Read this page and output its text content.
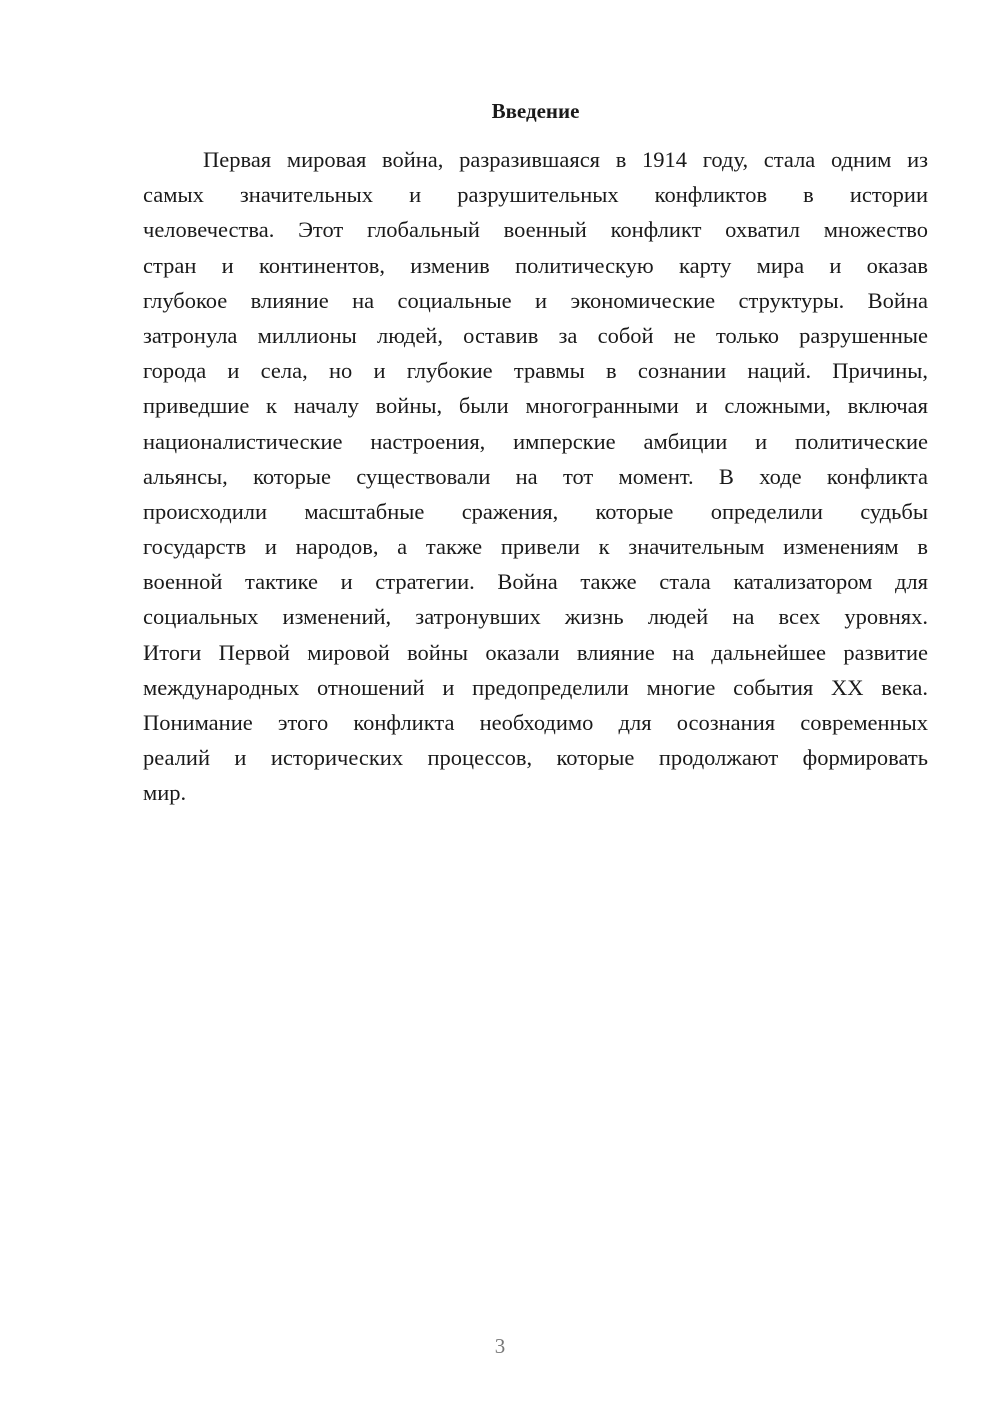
Введение
Первая мировая война, разразившаяся в 1914 году, стала одним из
самых значительных и разрушительных конфликтов в истории
человечества. Этот глобальный военный конфликт охватил множество
стран и континентов, изменив политическую карту мира и оказав
глубокое влияние на социальные и экономические структуры. Война
затронула миллионы людей, оставив за собой не только разрушенные
города и села, но и глубокие травмы в сознании наций. Причины,
приведшие к началу войны, были многогранными и сложными, включая
националистические настроения, имперские амбиции и политические
альянсы, которые существовали на тот момент. В ходе конфликта
происходили масштабные сражения, которые определили судьбы
государств и народов, а также привели к значительным изменениям в
военной тактике и стратегии. Война также стала катализатором для
социальных изменений, затронувших жизнь людей на всех уровнях.
Итоги Первой мировой войны оказали влияние на дальнейшее развитие
международных отношений и предопределили многие события XX века.
Понимание этого конфликта необходимо для осознания современных
реалий и исторических процессов, которые продолжают формировать
мир.
3
